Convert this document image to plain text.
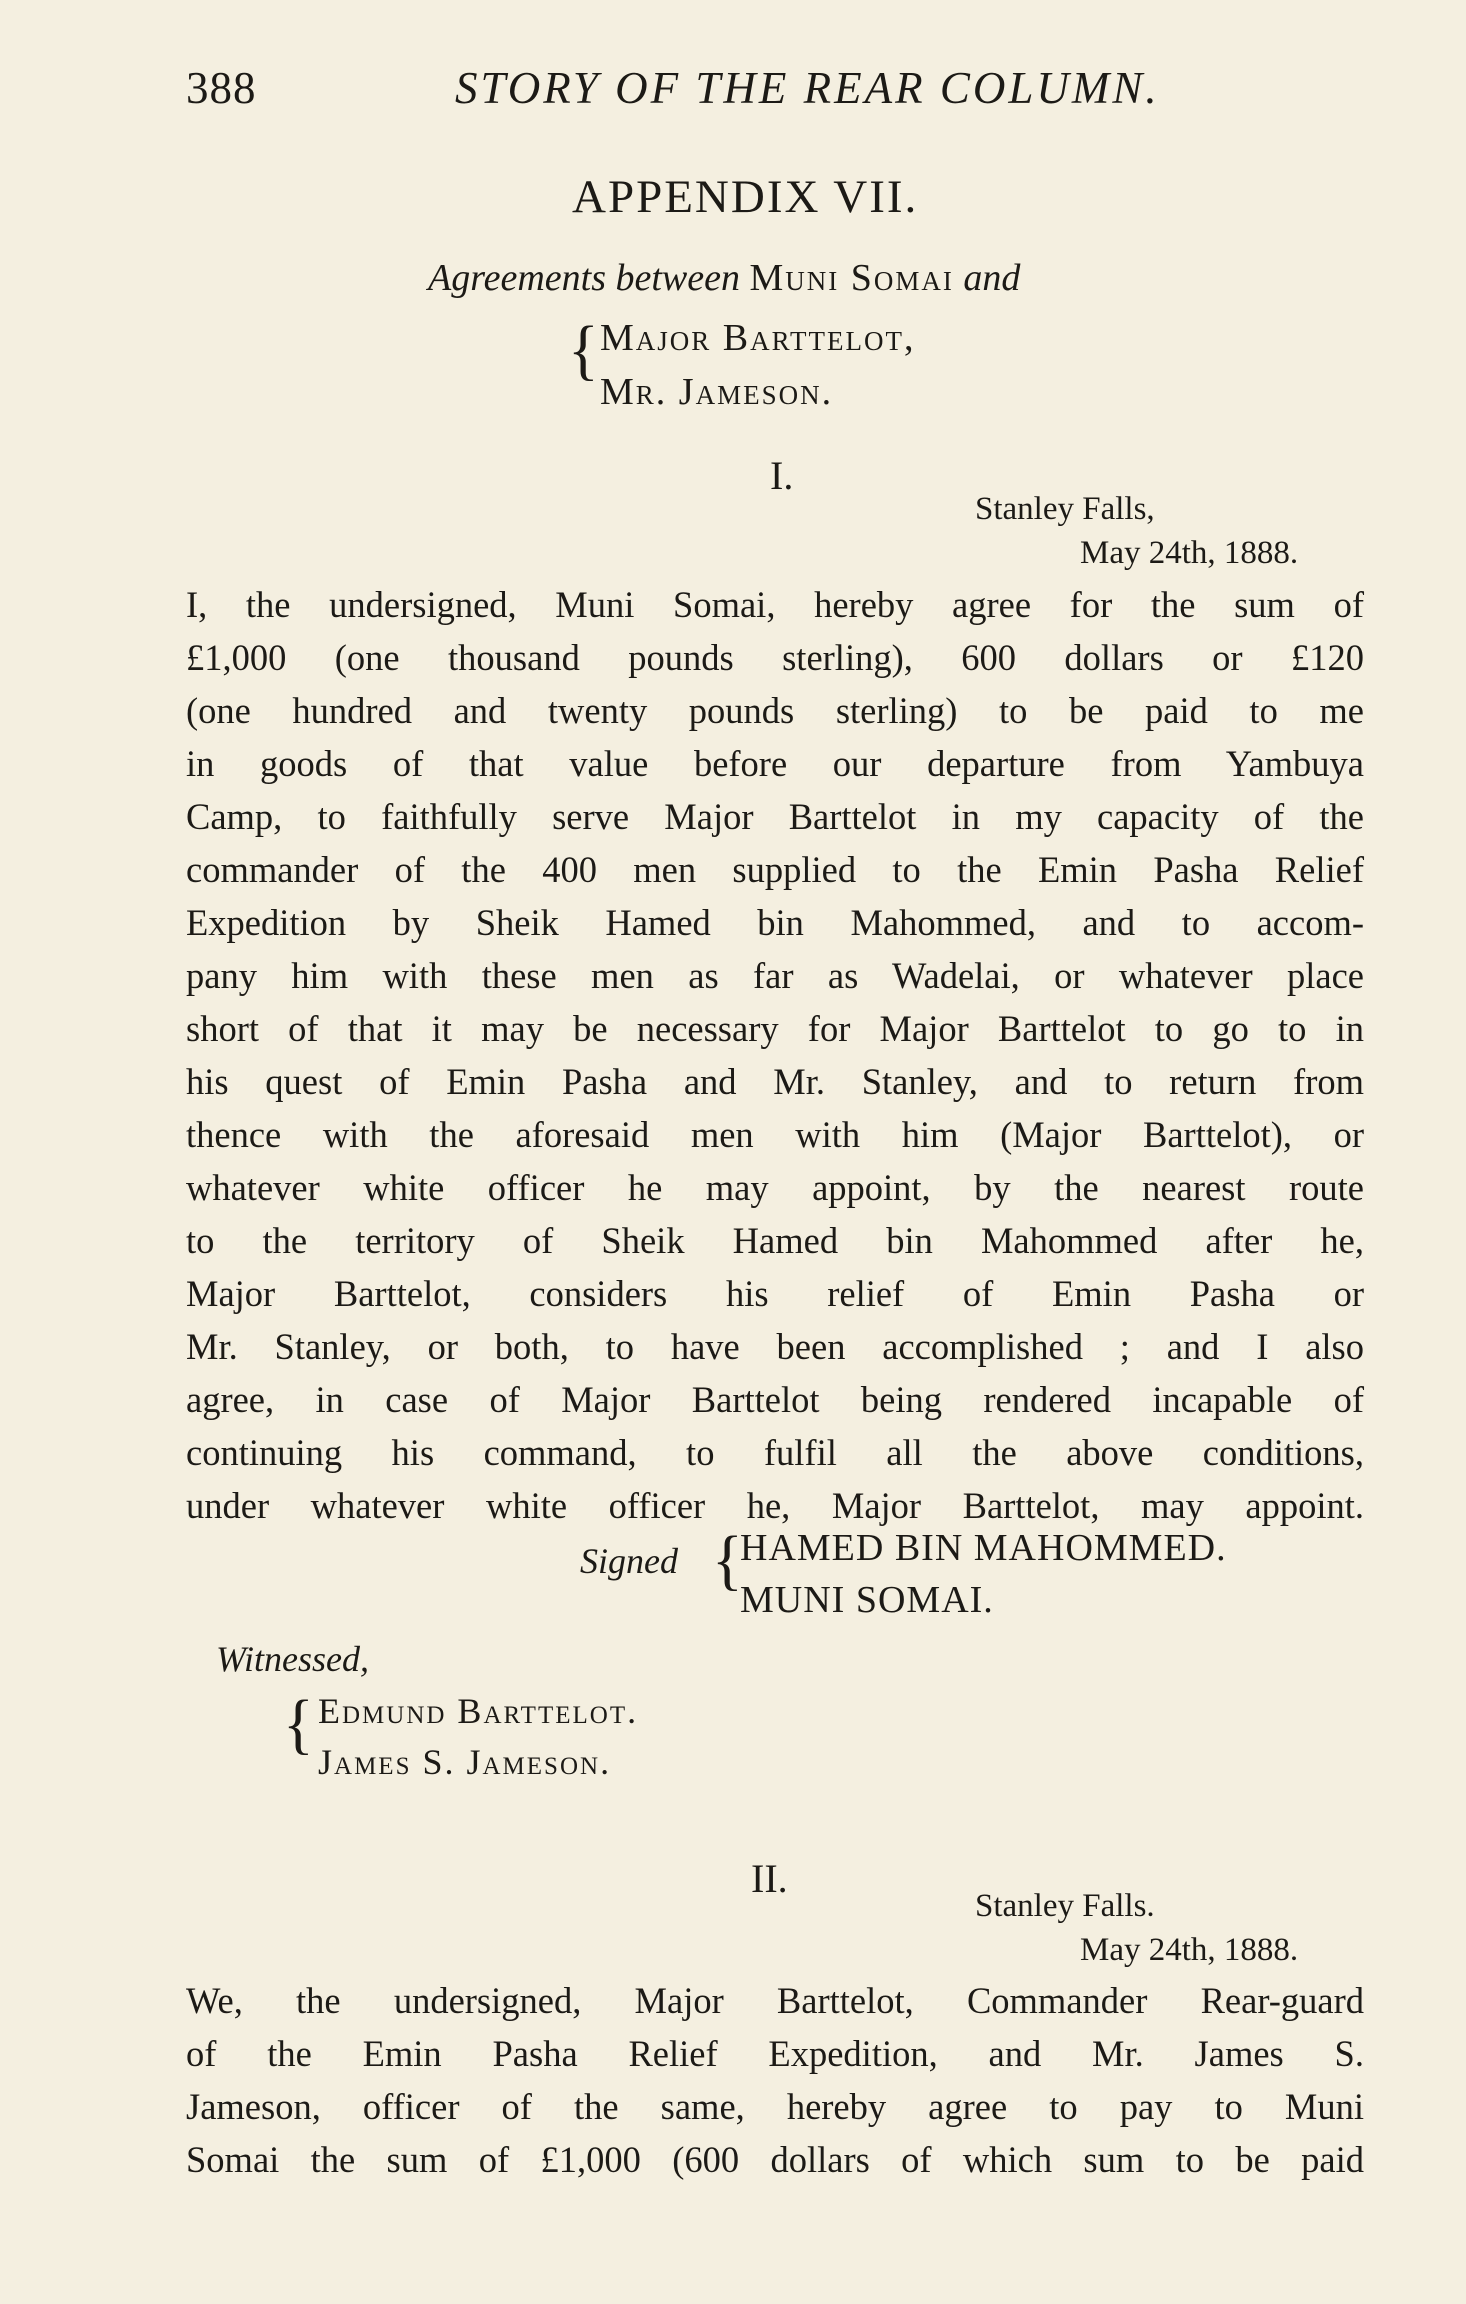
388	STORY OF THE REAR COLUMN.
APPENDIX VII.
Agreements between Muni Somai and
{ Major Barttelot,
Mr. Jameson.
I.
Stanley Falls,
May 24th, 1888.
I, the undersigned, Muni Somai, hereby agree for the sum of
£1,000 (one thousand pounds sterling), 600 dollars or £120
(one hundred and twenty pounds sterling) to be paid to me
in goods of that value before our departure from Yambuya
Camp, to faithfully serve Major Barttelot in my capacity of the
commander of the 400 men supplied to the Emin Pasha Relief
Expedition by Sheik Hamed bin Mahommed, and to accom-
pany him with these men as far as Wadelai, or whatever place
short of that it may be necessary for Major Barttelot to go to in
his quest of Emin Pasha and Mr. Stanley, and to return from
thence with the aforesaid men with him (Major Barttelot), or
whatever white officer he may appoint, by the nearest route
to the territory of Sheik Hamed bin Mahommed after he,
Major Barttelot, considers his relief of Emin Pasha or
Mr. Stanley, or both, to have been accomplished ; and I also
agree, in case of Major Barttelot being rendered incapable of
continuing his command, to fulfil all the above conditions,
under whatever white officer he, Major Barttelot, may appoint.
Signed {
HAMED BIN MAHOMMED.
MUNI SOMAI.
Witnessed,
{ Edmund Barttelot.
James S. Jameson.
II.
Stanley Falls.
May 24th, 1888.
We, the undersigned, Major Barttelot, Commander Rear-guard
of the Emin Pasha Relief Expedition, and Mr. James S.
Jameson, officer of the same, hereby agree to pay to Muni
Somai the sum of £1,000 (600 dollars of which sum to be paid
